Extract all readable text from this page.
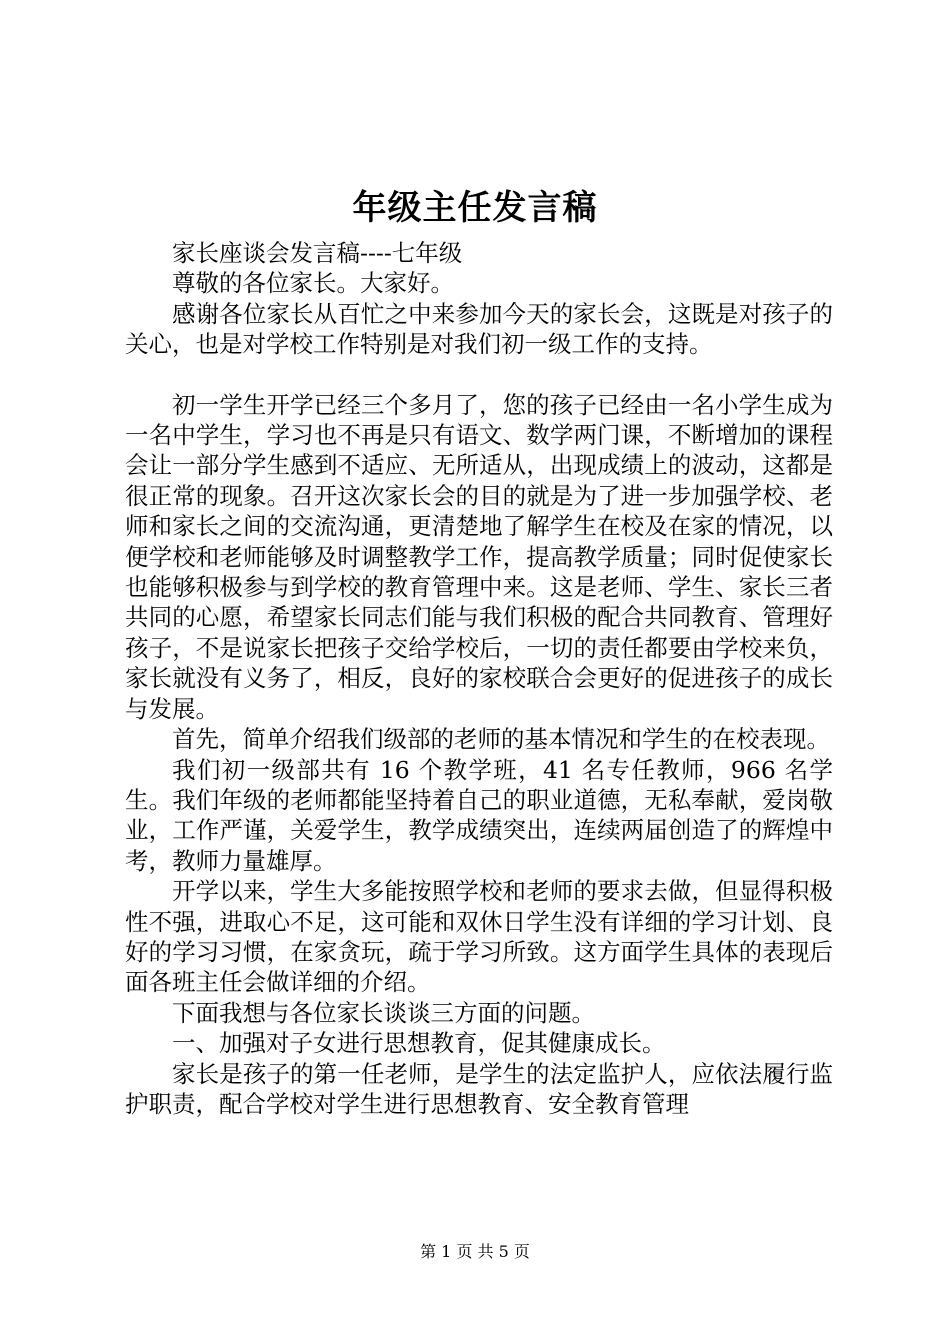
年级主任发言稿

家长座谈会发言稿----七年级

尊敬的各位家长。大家好。

感谢各位家长从百忙之中来参加今天的家长会，这既是对孩子的关心，也是对学校工作特别是对我们初一级工作的支持。

初一学生开学已经三个多月了，您的孩子已经由一名小学生成为一名中学生，学习也不再是只有语文、数学两门课，不断增加的课程会让一部分学生感到不适应、无所适从，出现成绩上的波动，这都是很正常的现象。召开这次家长会的目的就是为了进一步加强学校、老师和家长之间的交流沟通，更清楚地了解学生在校及在家的情况，以便学校和老师能够及时调整教学工作，提高教学质量；同时促使家长也能够积极参与到学校的教育管理中来。这是老师、学生、家长三者共同的心愿，希望家长同志们能与我们积极的配合共同教育、管理好孩子，不是说家长把孩子交给学校后，一切的责任都要由学校来负，家长就没有义务了，相反，良好的家校联合会更好的促进孩子的成长与发展。

首先，简单介绍我们级部的老师的基本情况和学生的在校表现。

我们初一级部共有 16 个教学班，41 名专任教师，966 名学生。我们年级的老师都能坚持着自己的职业道德，无私奉献，爱岗敬业，工作严谨，关爱学生，教学成绩突出，连续两届创造了的辉煌中考，教师力量雄厚。

开学以来，学生大多能按照学校和老师的要求去做，但显得积极性不强，进取心不足，这可能和双休日学生没有详细的学习计划、良好的学习习惯，在家贪玩，疏于学习所致。这方面学生具体的表现后面各班主任会做详细的介绍。

下面我想与各位家长谈谈三方面的问题。

一、加强对子女进行思想教育，促其健康成长。

家长是孩子的第一任老师，是学生的法定监护人，应依法履行监护职责，配合学校对学生进行思想教育、安全教育管理

第 1 页 共 5 页
